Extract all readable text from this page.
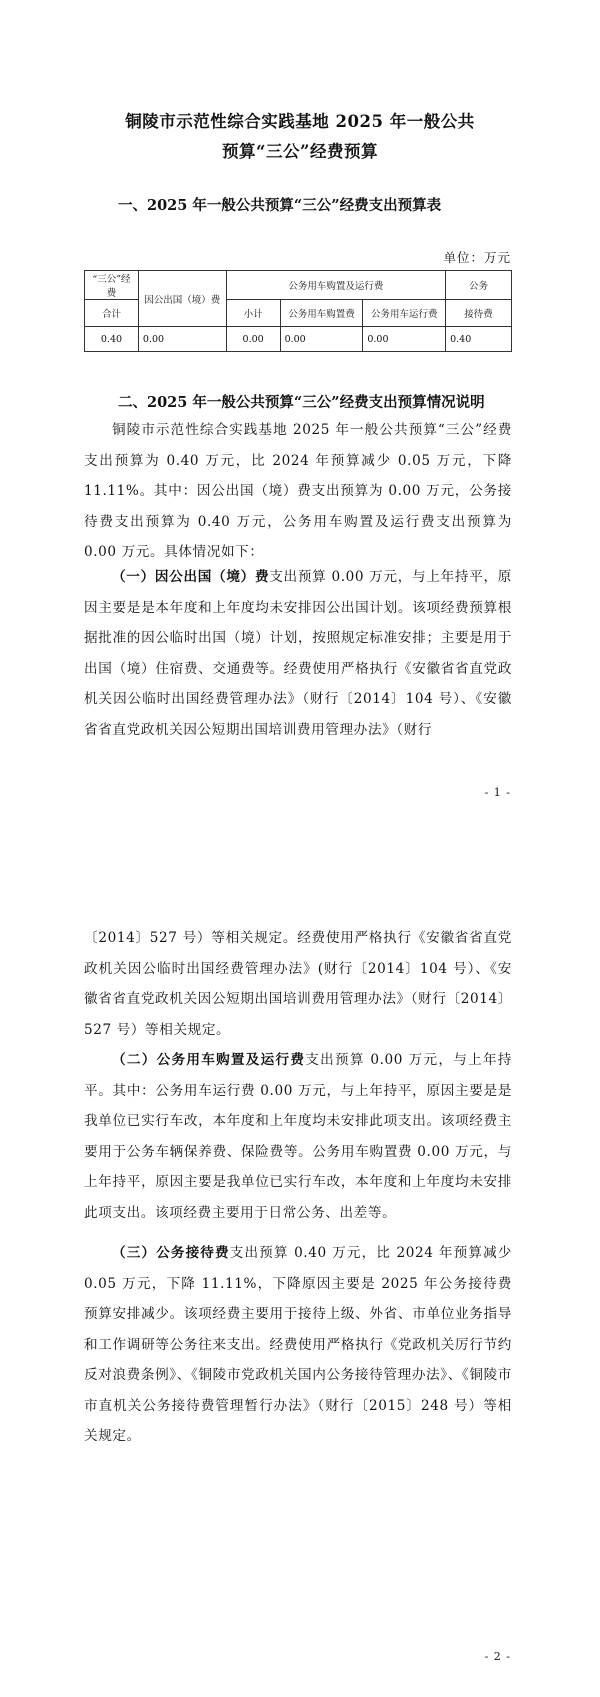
铜陵市示范性综合实践基地 2025 年一般公共
预算“三公”经费预算
一、2025 年一般公共预算“三公”经费支出预算表
单位：万元
“三公”经费	因公出国（境）费	公务用车购置及运行费			公务
合计		小计	公务用车购置费	公务用车运行费	接待费
0.40	0.00	0.00	0.00	0.00	0.40
二、2025 年一般公共预算“三公”经费支出预算情况说明
铜陵市示范性综合实践基地 2025 年一般公共预算“三公”经费支出预算为 0.40 万元，比 2024 年预算减少 0.05 万元，下降 11.11%。其中：因公出国（境）费支出预算为 0.00 万元，公务接待费支出预算为 0.40 万元，公务用车购置及运行费支出预算为 0.00 万元。具体情况如下：
（一）因公出国（境）费支出预算 0.00 万元，与上年持平，原因主要是是本年度和上年度均未安排因公出国计划。该项经费预算根据批准的因公临时出国（境）计划，按照规定标准安排；主要是用于出国（境）住宿费、交通费等。经费使用严格执行《安徽省省直党政机关因公临时出国经费管理办法》（财行〔2014〕104 号）、《安徽省省直党政机关因公短期出国培训费用管理办法》（财行
- 1 -
〔2014〕527 号）等相关规定。经费使用严格执行《安徽省省直党政机关因公临时出国经费管理办法》(财行〔2014〕104 号）、《安徽省省直党政机关因公短期出国培训费用管理办法》（财行〔2014〕527 号）等相关规定。
（二）公务用车购置及运行费支出预算 0.00 万元，与上年持平。其中：公务用车运行费 0.00 万元，与上年持平，原因主要是是我单位已实行车改，本年度和上年度均未安排此项支出。该项经费主要用于公务车辆保养费、保险费等。公务用车购置费 0.00 万元，与上年持平，原因主要是我单位已实行车改，本年度和上年度均未安排此项支出。该项经费主要用于日常公务、出差等。
（三）公务接待费支出预算 0.40 万元，比 2024 年预算减少 0.05 万元，下降 11.11%，下降原因主要是 2025 年公务接待费预算安排减少。该项经费主要用于接待上级、外省、市单位业务指导和工作调研等公务往来支出。经费使用严格执行《党政机关厉行节约反对浪费条例》、《铜陵市党政机关国内公务接待管理办法》、《铜陵市市直机关公务接待费管理暂行办法》（财行〔2015〕248 号）等相关规定。
- 2 -
